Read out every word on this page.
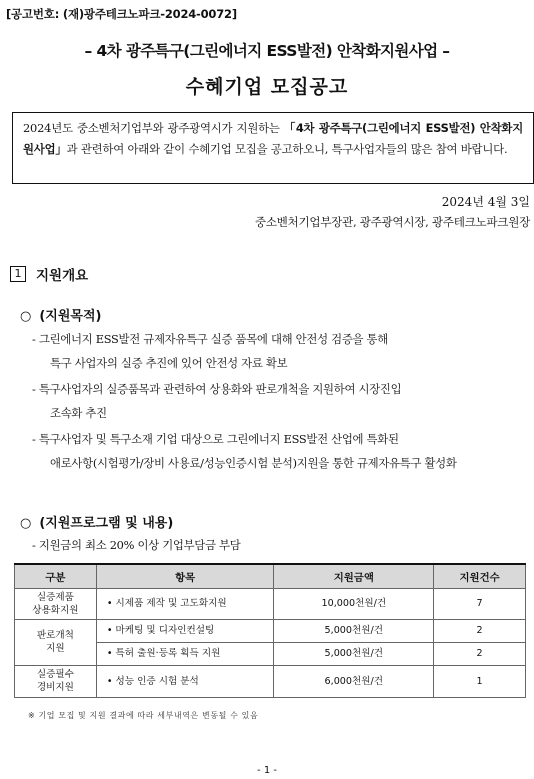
[공고번호: (재)광주테크노파크-2024-0072]
– 4차 광주특구(그린에너지 ESS발전) 안착화지원사업 –
수혜기업 모집공고
2024년도 중소벤처기업부와 광주광역시가 지원하는 「4차 광주특구(그린에너지 ESS발전) 안착화지원사업」과 관련하여 아래와 같이 수혜기업 모집을 공고하오니, 특구사업자들의 많은 참여 바랍니다.
2024년 4월 3일
중소벤처기업부장관, 광주광역시장, 광주테크노파크원장
1	지원개요
○ (지원목적)
- 그린에너지 ESS발전 규제자유특구 실증 품목에 대해 안전성 검증을 통해
특구 사업자의 실증 추진에 있어 안전성 자료 확보
- 특구사업자의 실증품목과 관련하여 상용화와 판로개척을 지원하여 시장진입
조속화 추진
- 특구사업자 및 특구소재 기업 대상으로 그린에너지 ESS발전 산업에 특화된
애로사항(시험평가/장비 사용료/성능인증시험 분석)지원을 통한 규제자유특구 활성화
○ (지원프로그램 및 내용)
- 지원금의 최소 20% 이상 기업부담금 부담
구분	항목	지원금액	지원건수
실증제품
상용화지원	• 시제품 제작 및 고도화지원	10,000천원/건	7
판로개척
지원	• 마케팅 및 디자인컨설팅	5,000천원/건	2
	• 특허 출원·등록 획득 지원	5,000천원/건	2
실증필수
경비지원	• 성능 인증 시험 분석	6,000천원/건	1
※ 기업 모집 및 지원 결과에 따라 세부내역은 변동될 수 있음
- 1 -
